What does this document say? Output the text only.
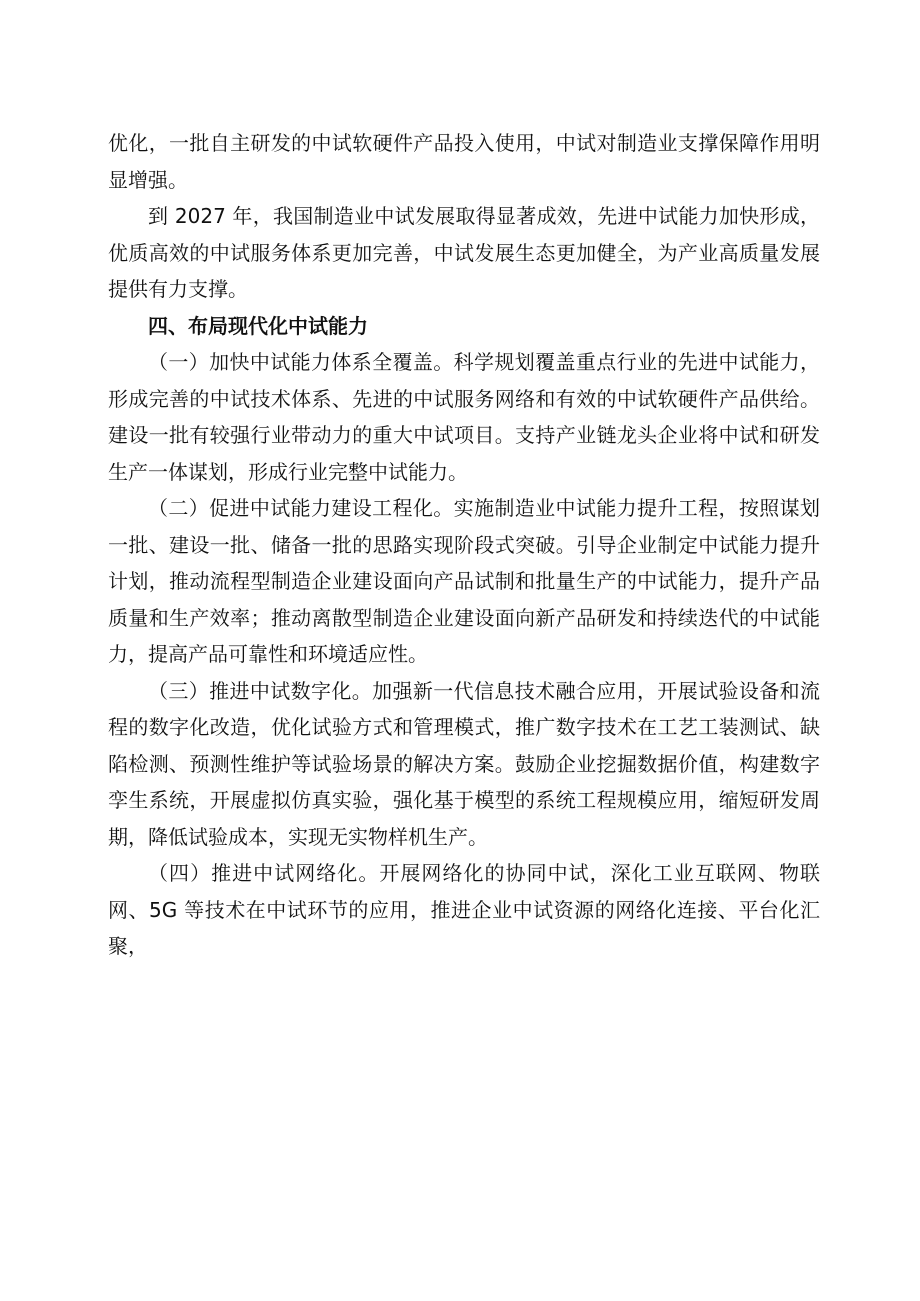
优化，一批自主研发的中试软硬件产品投入使用，中试对制造业支撑保障作用明显增强。

到 2027 年，我国制造业中试发展取得显著成效，先进中试能力加快形成，优质高效的中试服务体系更加完善，中试发展生态更加健全，为产业高质量发展提供有力支撑。

四、布局现代化中试能力

（一）加快中试能力体系全覆盖。科学规划覆盖重点行业的先进中试能力，形成完善的中试技术体系、先进的中试服务网络和有效的中试软硬件产品供给。建设一批有较强行业带动力的重大中试项目。支持产业链龙头企业将中试和研发生产一体谋划，形成行业完整中试能力。

（二）促进中试能力建设工程化。实施制造业中试能力提升工程，按照谋划一批、建设一批、储备一批的思路实现阶段式突破。引导企业制定中试能力提升计划，推动流程型制造企业建设面向产品试制和批量生产的中试能力，提升产品质量和生产效率；推动离散型制造企业建设面向新产品研发和持续迭代的中试能力，提高产品可靠性和环境适应性。

（三）推进中试数字化。加强新一代信息技术融合应用，开展试验设备和流程的数字化改造，优化试验方式和管理模式，推广数字技术在工艺工装测试、缺陷检测、预测性维护等试验场景的解决方案。鼓励企业挖掘数据价值，构建数字孪生系统，开展虚拟仿真实验，强化基于模型的系统工程规模应用，缩短研发周期，降低试验成本，实现无实物样机生产。

（四）推进中试网络化。开展网络化的协同中试，深化工业互联网、物联网、5G 等技术在中试环节的应用，推进企业中试资源的网络化连接、平台化汇聚，
